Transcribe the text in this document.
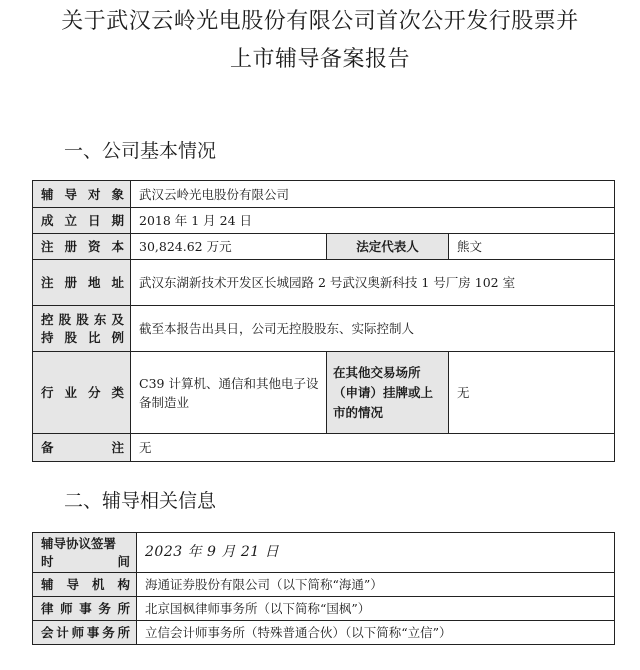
关于武汉云岭光电股份有限公司首次公开发行股票并
上市辅导备案报告
一、公司基本情况
辅导对象	武汉云岭光电股份有限公司		
成立日期	2018 年 1 月 24 日		
注册资本	30,824.62 万元	法定代表人	熊文
注册地址	武汉东湖新技术开发区长城园路 2 号武汉奥新科技 1 号厂房 102 室		

控股股东及
持股比例	截至本报告出具日，公司无控股股东、实际控制人		
行业分类	C39 计算机、通信和其他电子设备制造业	在其他交易场所（申请）挂牌或上市的情况	无
备注	无		
二、辅导相关信息
辅导协议签署
时间	2023 年 9 月 21 日
辅导机构	海通证券股份有限公司（以下简称“海通”）
律师事务所	北京国枫律师事务所（以下简称“国枫”）
会计师事务所	立信会计师事务所（特殊普通合伙）（以下简称“立信”）
